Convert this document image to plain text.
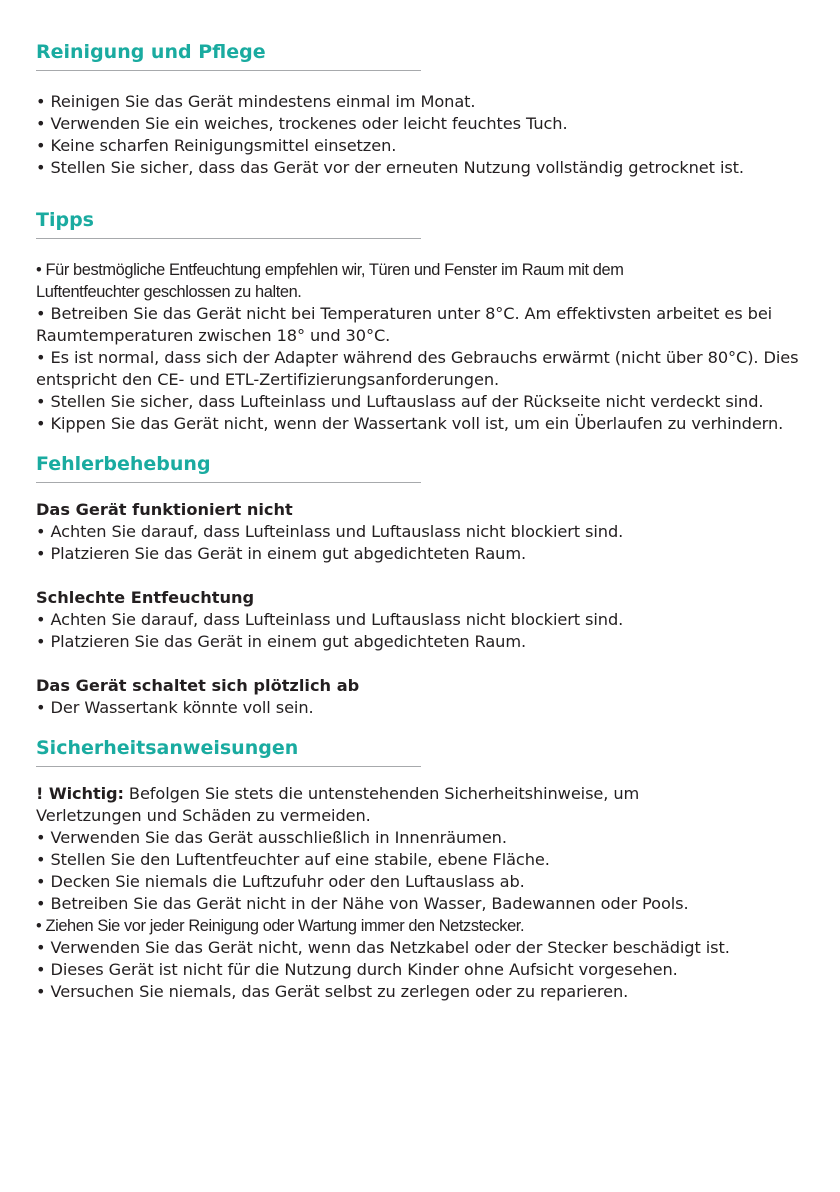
Reinigung und Pflege
• Reinigen Sie das Gerät mindestens einmal im Monat.
• Verwenden Sie ein weiches, trockenes oder leicht feuchtes Tuch.
• Keine scharfen Reinigungsmittel einsetzen.
• Stellen Sie sicher, dass das Gerät vor der erneuten Nutzung vollständig getrocknet ist.
Tipps
• Für bestmögliche Entfeuchtung empfehlen wir, Türen und Fenster im Raum mit dem
Luftentfeuchter geschlossen zu halten.
• Betreiben Sie das Gerät nicht bei Temperaturen unter 8°C. Am effektivsten arbeitet es bei
Raumtemperaturen zwischen 18° und 30°C.
• Es ist normal, dass sich der Adapter während des Gebrauchs erwärmt (nicht über 80°C). Dies
entspricht den CE- und ETL-Zertifizierungsanforderungen.
• Stellen Sie sicher, dass Lufteinlass und Luftauslass auf der Rückseite nicht verdeckt sind.
• Kippen Sie das Gerät nicht, wenn der Wassertank voll ist, um ein Überlaufen zu verhindern.
Fehlerbehebung
Das Gerät funktioniert nicht
• Achten Sie darauf, dass Lufteinlass und Luftauslass nicht blockiert sind.
• Platzieren Sie das Gerät in einem gut abgedichteten Raum.
Schlechte Entfeuchtung
• Achten Sie darauf, dass Lufteinlass und Luftauslass nicht blockiert sind.
• Platzieren Sie das Gerät in einem gut abgedichteten Raum.
Das Gerät schaltet sich plötzlich ab
• Der Wassertank könnte voll sein.
Sicherheitsanweisungen
! Wichtig: Befolgen Sie stets die untenstehenden Sicherheitshinweise, um
Verletzungen und Schäden zu vermeiden.
• Verwenden Sie das Gerät ausschließlich in Innenräumen.
• Stellen Sie den Luftentfeuchter auf eine stabile, ebene Fläche.
• Decken Sie niemals die Luftzufuhr oder den Luftauslass ab.
• Betreiben Sie das Gerät nicht in der Nähe von Wasser, Badewannen oder Pools.
• Ziehen Sie vor jeder Reinigung oder Wartung immer den Netzstecker.
• Verwenden Sie das Gerät nicht, wenn das Netzkabel oder der Stecker beschädigt ist.
• Dieses Gerät ist nicht für die Nutzung durch Kinder ohne Aufsicht vorgesehen.
• Versuchen Sie niemals, das Gerät selbst zu zerlegen oder zu reparieren.
